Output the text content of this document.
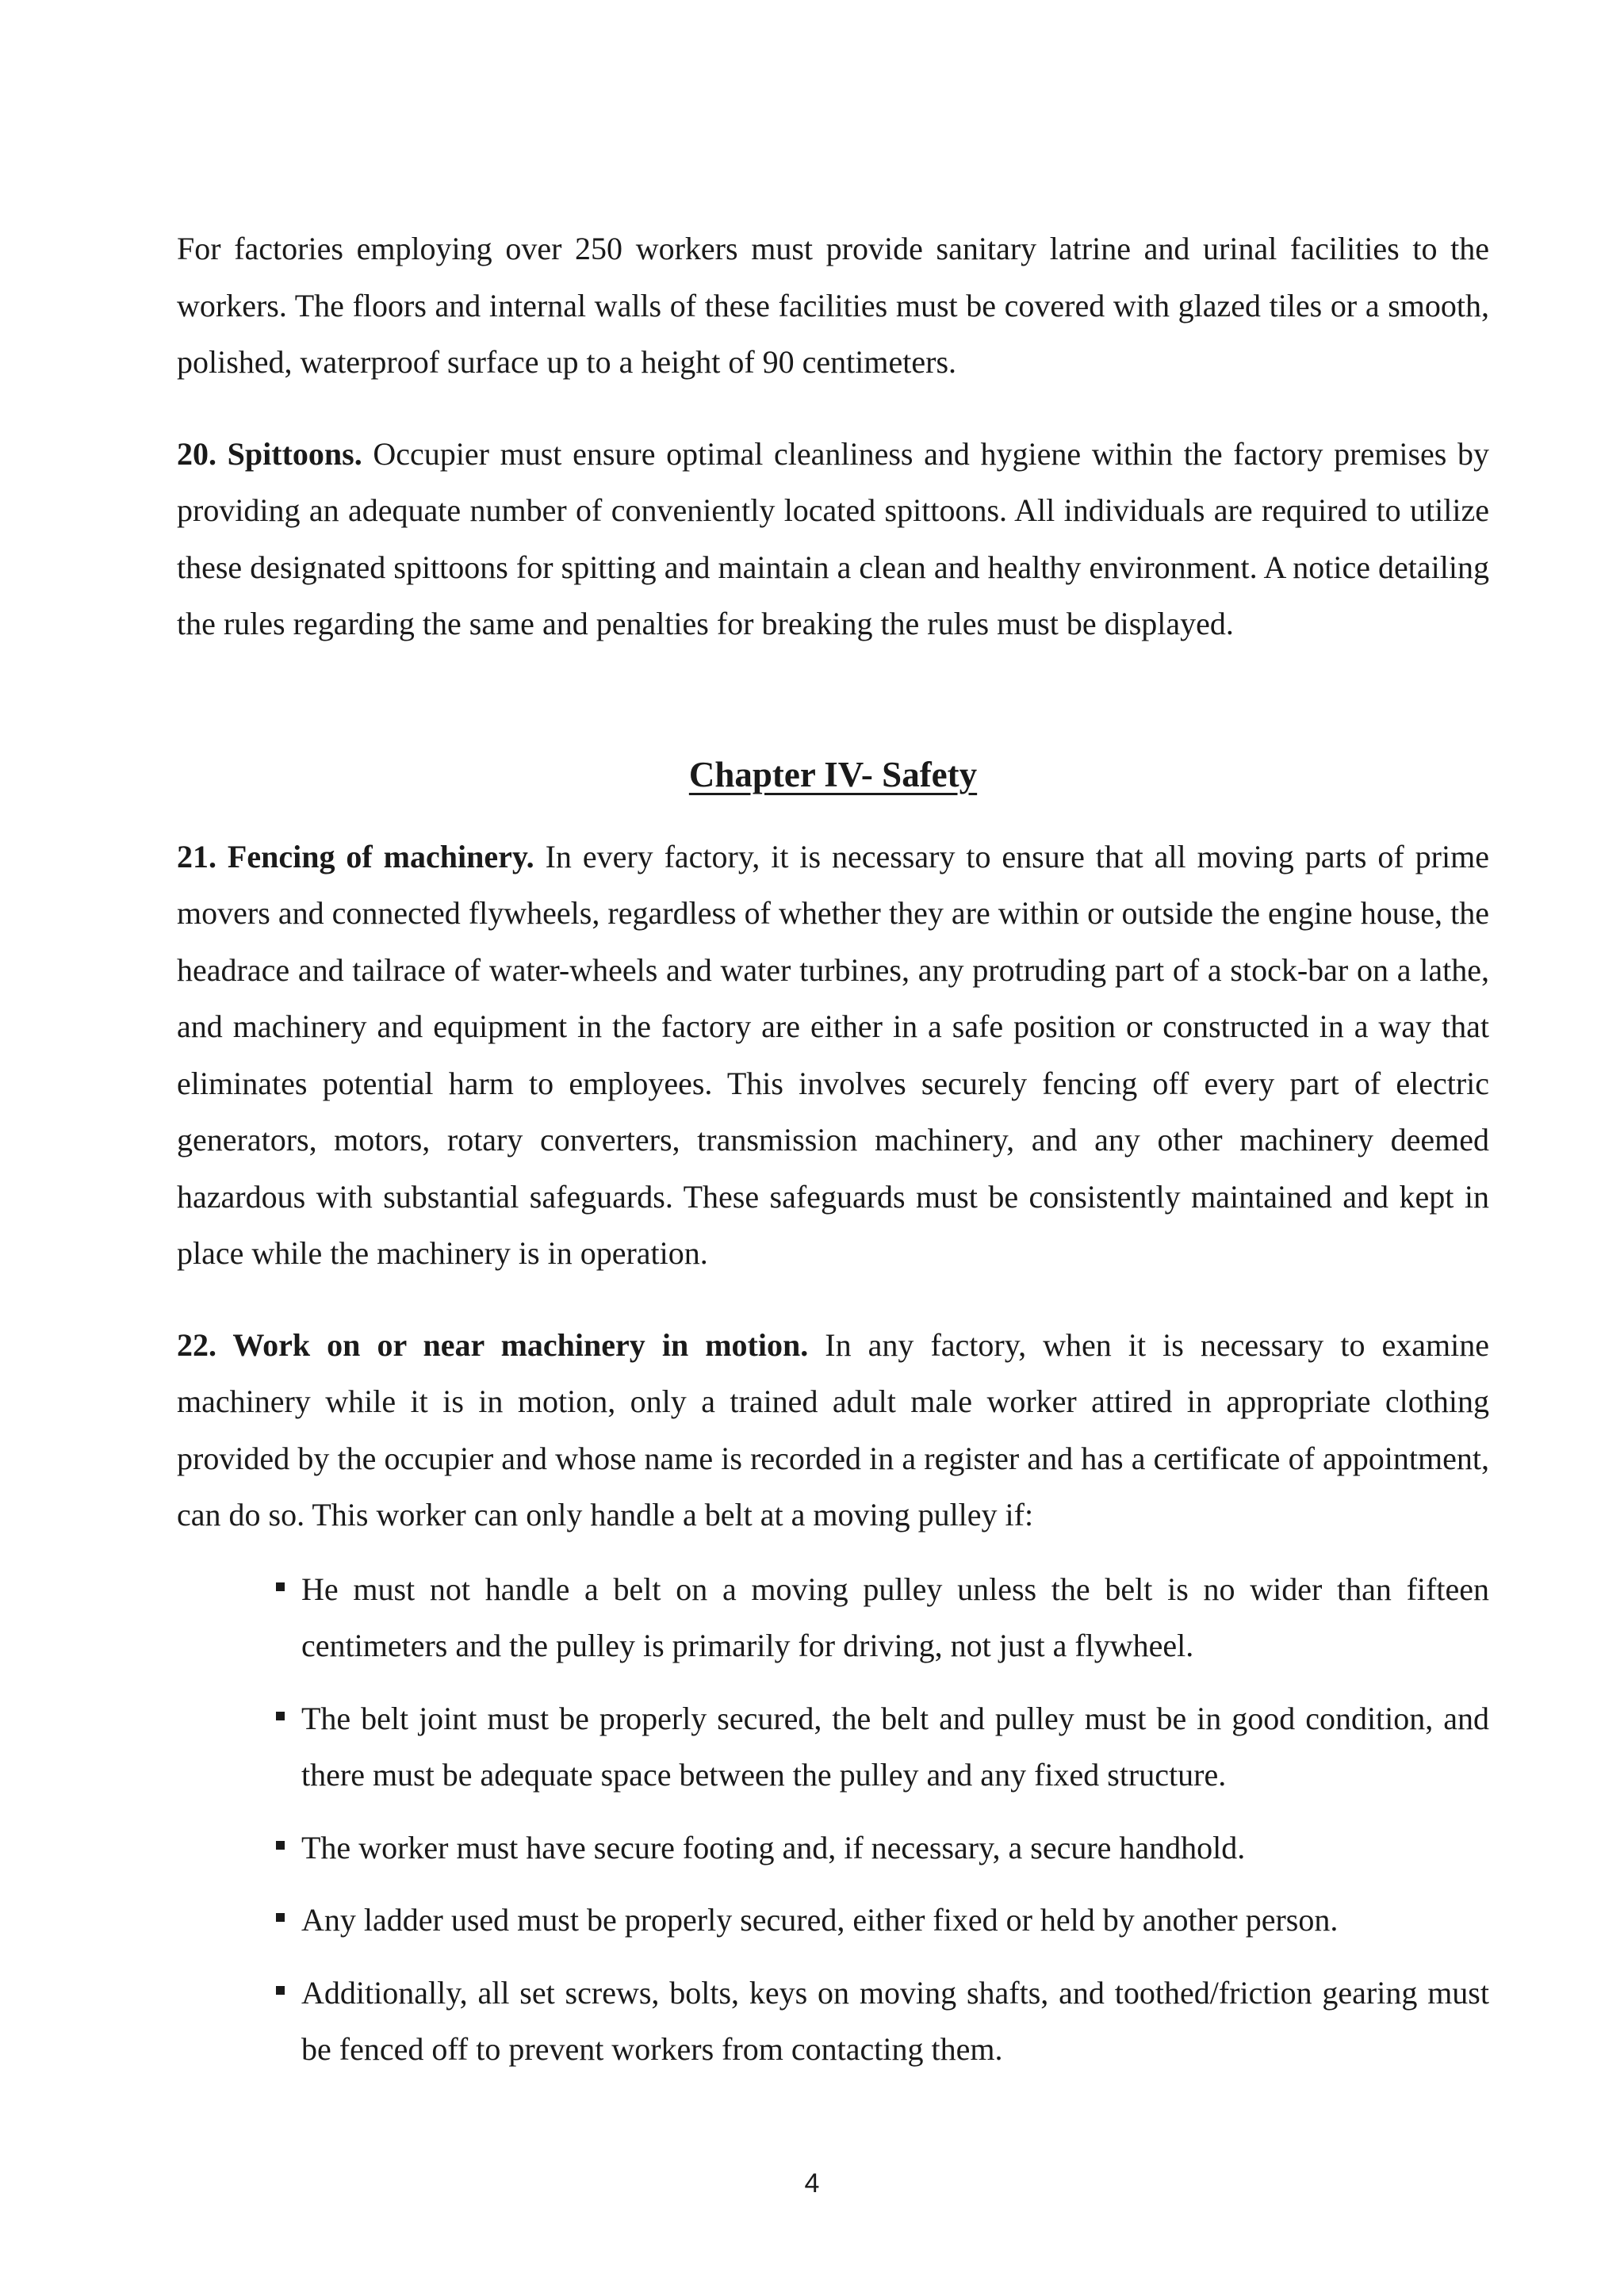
For factories employing over 250 workers must provide sanitary latrine and urinal facilities to the workers. The floors and internal walls of these facilities must be covered with glazed tiles or a smooth, polished, waterproof surface up to a height of 90 centimeters.

20. Spittoons. Occupier must ensure optimal cleanliness and hygiene within the factory premises by providing an adequate number of conveniently located spittoons. All individuals are required to utilize these designated spittoons for spitting and maintain a clean and healthy environment. A notice detailing the rules regarding the same and penalties for breaking the rules must be displayed.

Chapter IV- Safety

21. Fencing of machinery. In every factory, it is necessary to ensure that all moving parts of prime movers and connected flywheels, regardless of whether they are within or outside the engine house, the headrace and tailrace of water-wheels and water turbines, any protruding part of a stock-bar on a lathe, and machinery and equipment in the factory are either in a safe position or constructed in a way that eliminates potential harm to employees. This involves securely fencing off every part of electric generators, motors, rotary converters, transmission machinery, and any other machinery deemed hazardous with substantial safeguards. These safeguards must be consistently maintained and kept in place while the machinery is in operation.

22. Work on or near machinery in motion. In any factory, when it is necessary to examine machinery while it is in motion, only a trained adult male worker attired in appropriate clothing provided by the occupier and whose name is recorded in a register and has a certificate of appointment, can do so. This worker can only handle a belt at a moving pulley if:

He must not handle a belt on a moving pulley unless the belt is no wider than fifteen centimeters and the pulley is primarily for driving, not just a flywheel.
The belt joint must be properly secured, the belt and pulley must be in good condition, and there must be adequate space between the pulley and any fixed structure.
The worker must have secure footing and, if necessary, a secure handhold.
Any ladder used must be properly secured, either fixed or held by another person.
Additionally, all set screws, bolts, keys on moving shafts, and toothed/friction gearing must be fenced off to prevent workers from contacting them.
4
